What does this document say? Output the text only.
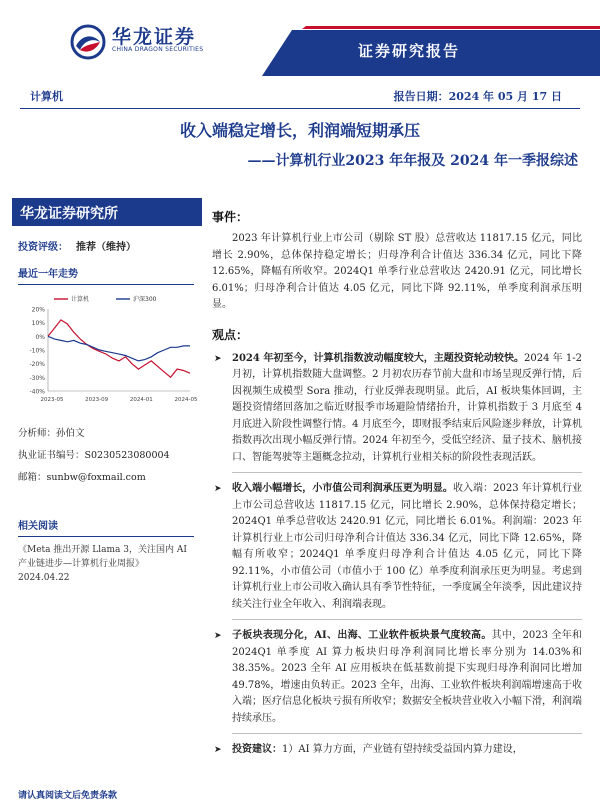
华龙证券
CHINA DRAGON SECURITIES	证券研究报告
计算机	报告日期：2024 年 05 月 17 日
收入端稳定增长，利润端短期承压
——计算机行业2023 年年报及 2024 年一季报综述
华龙证券研究所
投资评级： 推荐（维持）
最近一年走势
20%
10%
0%
-10%
-20%
-30%
-40%
2023-05	2023-09	2024-01	2024-05
计算机	沪深300
分析师：孙伯文
执业证书编号：S0230523080004
邮箱：sunbw@foxmail.com
相关阅读
《Meta 推出开源 Llama 3，关注国内 AI 产业链进步—计算机行业周报》 2024.04.22
请认真阅读文后免责条款
事件：
2023 年计算机行业上市公司（剔除 ST 股）总营收达 11817.15 亿元，同比增长 2.90%，总体保持稳定增长；归母净利合计值达 336.34 亿元，同比下降 12.65%，降幅有所收窄。2024Q1 单季行业总营收达 2420.91 亿元，同比增长 6.01%；归母净利合计值达 4.05 亿元，同比下降 92.11%，单季度利润承压明显。
观点：
➤ 2024 年初至今，计算机指数波动幅度较大，主题投资轮动较快。2024 年 1-2 月初，计算机指数随大盘调整。2 月初农历春节前大盘和市场呈现反弹行情，后因视频生成模型 Sora 推动，行业反弹表现明显。此后，AI 板块集体回调，主题投资情绪回落加之临近财报季市场避险情绪抬升，计算机指数于 3 月底至 4 月底进入阶段性调整行情。4 月底至今，即财报季结束后风险逐步释放，计算机指数再次出现小幅反弹行情。2024 年初至今，受低空经济、量子技术、脑机接口、智能驾驶等主题概念拉动，计算机行业相关标的阶段性表现活跃。
➤ 收入端小幅增长，小市值公司利润承压更为明显。收入端：2023 年计算机行业上市公司总营收达 11817.15 亿元，同比增长 2.90%，总体保持稳定增长；2024Q1 单季总营收达 2420.91 亿元，同比增长 6.01%。利润端：2023 年计算机行业上市公司归母净利合计值达 336.34 亿元，同比下降 12.65%，降幅有所收窄；2024Q1 单季度归母净利合计值达 4.05 亿元，同比下降 92.11%，小市值公司（市值小于 100 亿）单季度利润承压更为明显。考虑到计算机行业上市公司收入确认具有季节性特征，一季度属全年淡季，因此建议持续关注行业全年收入、利润端表现。
➤ 子板块表现分化，AI、出海、工业软件板块景气度较高。其中，2023 全年和 2024Q1 单季度 AI 算力板块归母净利润同比增长率分别为 14.03%和 38.35%。2023 全年 AI 应用板块在低基数前提下实现归母净利润同比增加 49.78%，增速由负转正。2023 全年，出海、工业软件板块利润端增速高于收入端；医疗信息化板块亏损有所收窄；数据安全板块营业收入小幅下滑，利润端持续承压。
➤ 投资建议：1）AI 算力方面，产业链有望持续受益国内算力建设，
